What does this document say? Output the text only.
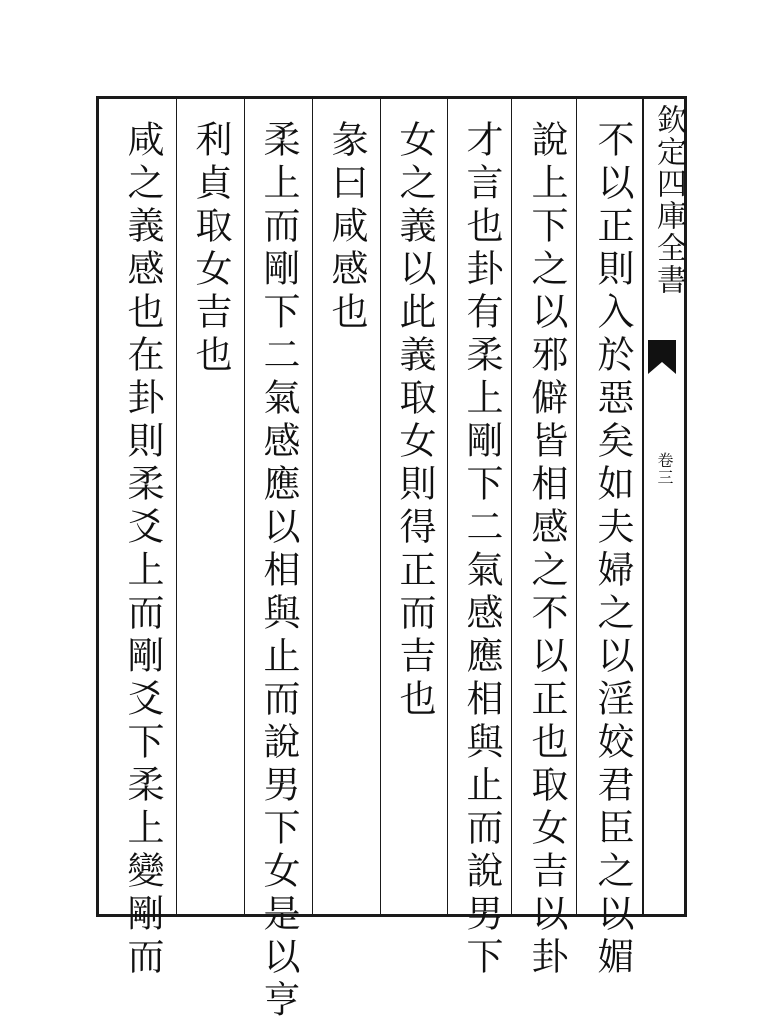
欽定四庫全書
卷三
不以正則入於惡矣如夫婦之以淫姣君臣之以媚
說上下之以邪僻皆相感之不以正也取女吉以卦
才言也卦有柔上剛下二氣感應相與止而說男下
女之義以此義取女則得正而吉也
彖曰咸感也
柔上而剛下二氣感應以相與止而說男下女是以亨
利貞取女吉也
咸之義感也在卦則柔爻上而剛爻下柔上變剛而
